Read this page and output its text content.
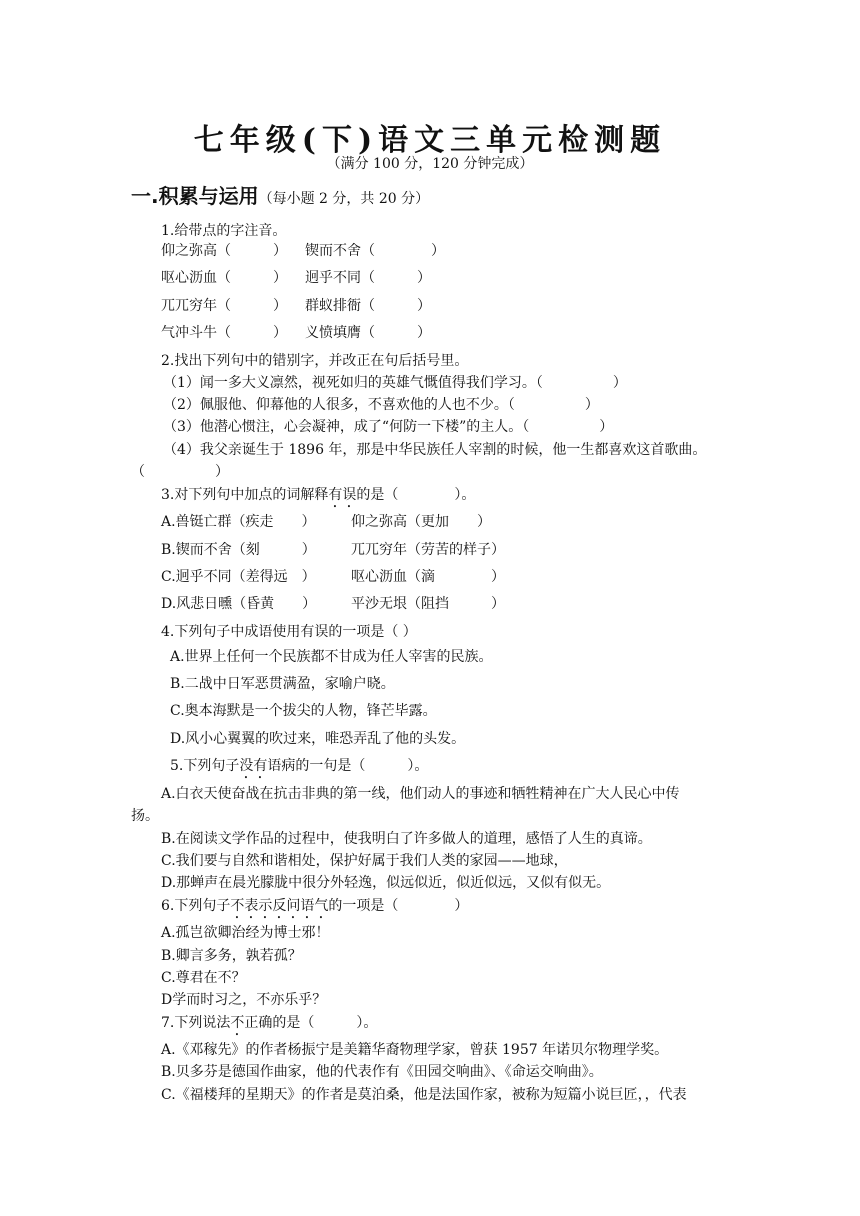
七年级(下)语文三单元检测题
（满分 100 分，120 分钟完成）
一.积累与运用（每小题 2 分，共 20 分）
1.给带点的字注音。
仰之弥高（　　　） 锲而不舍（　　　　）
呕心沥血（　　　） 迥乎不同（　　　）
兀兀穷年（　　　） 群蚁排衙（　　　）
气冲斗牛（　　　） 义愤填膺（　　　）
2.找出下列句中的错别字，并改正在句后括号里。
（1）闻一多大义凛然，视死如归的英雄气慨值得我们学习。（　　　　　）
（2）佩服他、仰幕他的人很多，不喜欢他的人也不少。（　　　　　）
（3）他潜心惯注，心会凝神，成了“何防一下楼”的主人。（　　　　　）
（4）我父亲诞生于 1896 年，那是中华民族任人宰割的时候，他一生都喜欢这首歌曲。
（　　　　　）
3.对下列句中加点的词解释有误的是（　　　　）。
A.兽铤亡群（疾走　　）	仰之弥高（更加　　）
B.锲而不舍（刻　　　）	兀兀穷年（劳苦的样子）
C.迥乎不同（差得远　）	呕心沥血（滴　　　　）
D.风悲日曛（昏黄　　） 平沙无垠（阻挡　　　）
4.下列句子中成语使用有误的一项是（ ）
A.世界上任何一个民族都不甘成为任人宰害的民族。
B.二战中日军恶贯满盈，家喻户晓。
C.奥本海默是一个拔尖的人物，锋芒毕露。
D.风小心翼翼的吹过来，唯恐弄乱了他的头发。
5.下列句子没有语病的一句是（　　　）。
A.白衣天使奋战在抗击非典的第一线，他们动人的事迹和牺牲精神在广大人民心中传
扬。
B.在阅读文学作品的过程中，使我明白了许多做人的道理，感悟了人生的真谛。
C.我们要与自然和谐相处，保护好属于我们人类的家园——地球，
D.那蝉声在晨光朦胧中很分外轻逸，似远似近，似近似远，又似有似无。
6.下列句子不表示反问语气的一项是（　　　　）
A.孤岂欲卿治经为博士邪！
B.卿言多务，孰若孤？
C.尊君在不？
D学而时习之，不亦乐乎？
7.下列说法不正确的是（　　　）。
A.《邓稼先》的作者杨振宁是美籍华裔物理学家，曾获 1957 年诺贝尔物理学奖。
B.贝多芬是德国作曲家，他的代表作有《田园交响曲》、《命运交响曲》。
C.《福楼拜的星期天》的作者是莫泊桑，他是法国作家，被称为短篇小说巨匠，，代表
